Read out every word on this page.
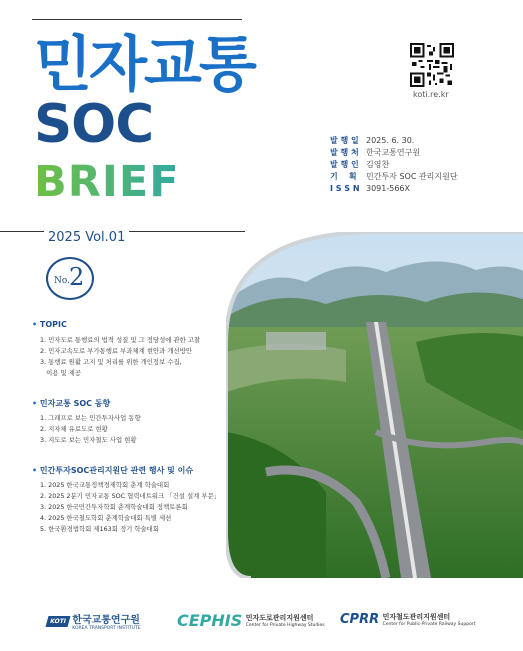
민자교통
SOC
BRIEF
koti.re.kr
발 행 일 2025. 6. 30.
발 행 처 한국교통연구원
발 행 인 김영찬
기    획 민간투자 SOC 관리지원단
I S S N 3091-566X
2025 Vol.01
No. 2
• TOPIC
1. 민자도로 통행료의 법적 성질 및 그 정당성에 관한 고찰
2. 민자고속도로 부가통행료 부과체계 현안과 개선방안
3. 통행료 원활 고지 및 처리를 위한 개인정보 수집,
이용 및 제공
• 민자교통 SOC 동향
1. 그래프로 보는 민간투자사업 동향
2. 지자체 유료도로 현황
3. 지도로 보는 민자철도 사업 현황
• 민간투자SOC관리지원단 관련 행사 및 이슈
1. 2025 한국교통정책경제학회 춘계 학술대회
2. 2025 2분기 민자교통 SOC 협력네트워크 「건설 설계 부문」
3. 2025 한국민간투자학회 춘계학술대회 정책토론회
4. 2025 한국철도학회 춘계학술대회 특별 세션
5. 한국환경법학회 제163회 정기 학술대회
KOTI 한국교통연구원
KOREA TRANSPORT INSTITUTE CEPHIS 민자도로관리지원센터
Center for Private Highway Studies CPRR 민자철도관리지원센터
Center for Public-Private Railway Support
